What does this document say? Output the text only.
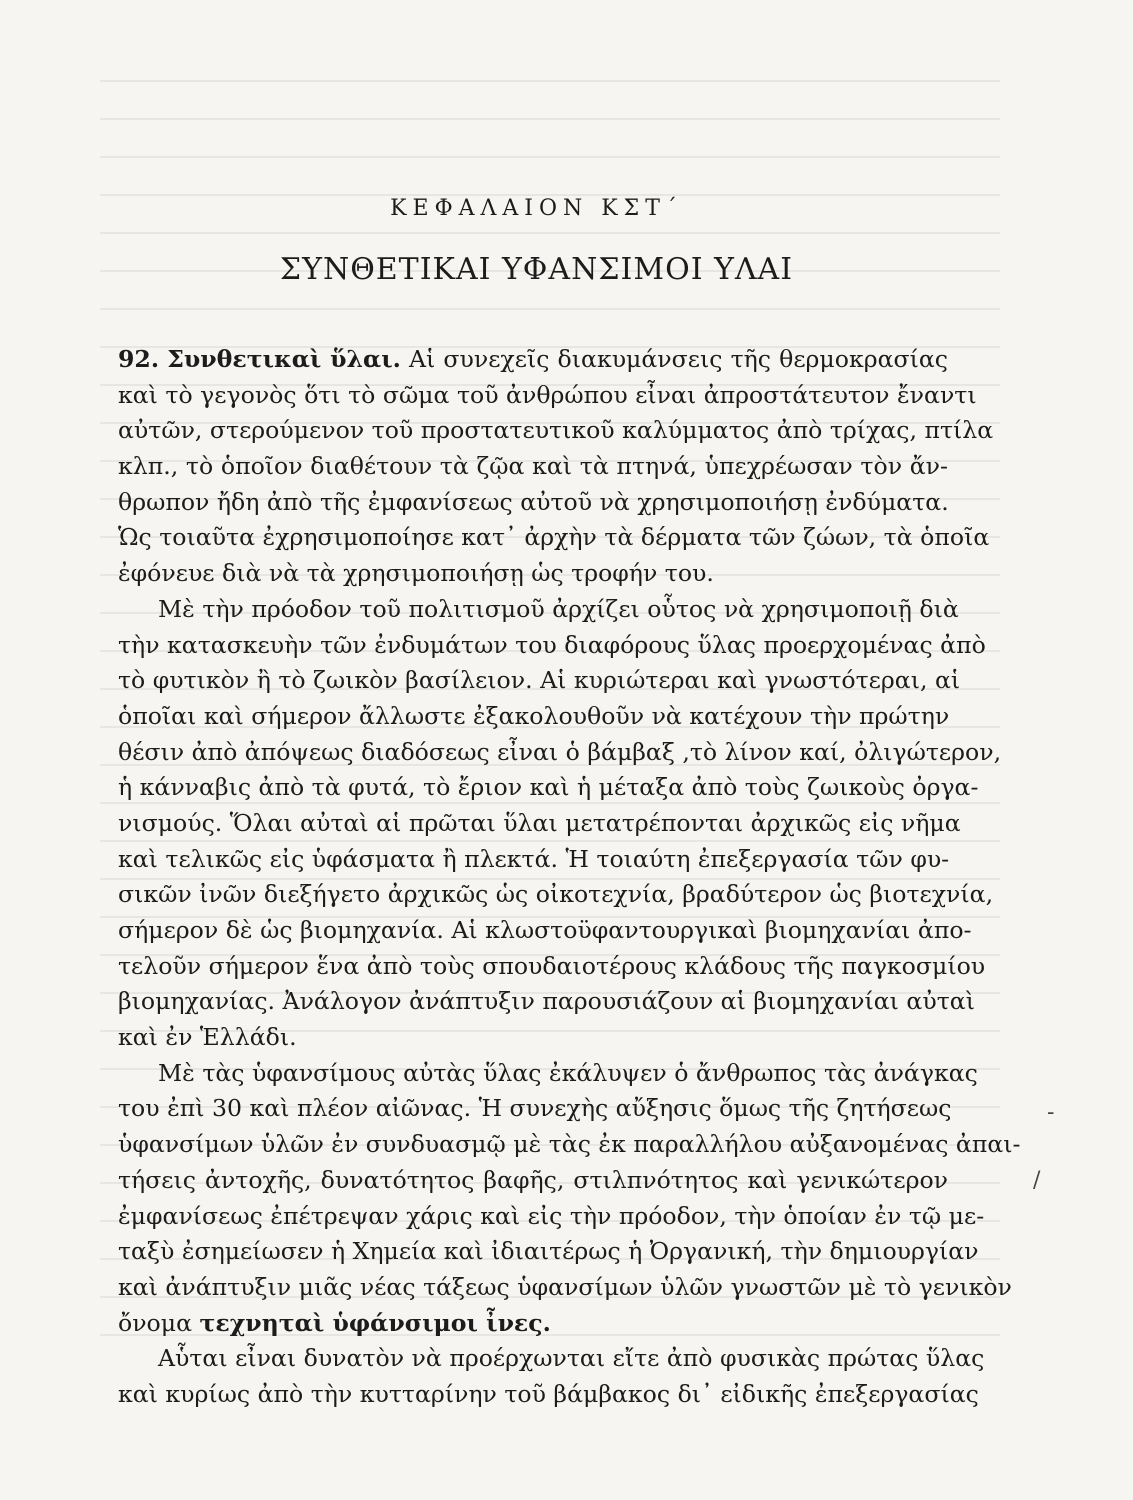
ΚΕΦΑΛΑΙΟΝ ΚΣΤ΄
ΣΥΝΘΕΤΙΚΑΙ ΥΦΑΝΣΙΜΟΙ ΥΛΑΙ
92. Συνθετικαὶ ὕλαι. Αἱ συνεχεῖς διακυμάνσεις τῆς θερμοκρασίας
καὶ τὸ γεγονὸς ὅτι τὸ σῶμα τοῦ ἀνθρώπου εἶναι ἀπροστάτευτον ἔναντι
αὐτῶν, στερούμενον τοῦ προστατευτικοῦ καλύμματος ἀπὸ τρίχας, πτίλα
κλπ., τὸ ὁποῖον διαθέτουν τὰ ζῷα καὶ τὰ πτηνά, ὑπεχρέωσαν τὸν ἄν-
θρωπον ἤδη ἀπὸ τῆς ἐμφανίσεως αὐτοῦ νὰ χρησιμοποιήσῃ ἐνδύματα.
Ὡς τοιαῦτα ἐχρησιμοποίησε κατ᾽ ἀρχὴν τὰ δέρματα τῶν ζώων, τὰ ὁποῖα
ἐφόνευε διὰ νὰ τὰ χρησιμοποιήσῃ ὡς τροφήν του.
Μὲ τὴν πρόοδον τοῦ πολιτισμοῦ ἀρχίζει οὗτος νὰ χρησιμοποιῇ διὰ
τὴν κατασκευὴν τῶν ἐνδυμάτων του διαφόρους ὕλας προερχομένας ἀπὸ
τὸ φυτικὸν ἢ τὸ ζωικὸν βασίλειον. Αἱ κυριώτεραι καὶ γνωστότεραι, αἱ
ὁποῖαι καὶ σήμερον ἄλλωστε ἐξακολουθοῦν νὰ κατέχουν τὴν πρώτην
θέσιν ἀπὸ ἀπόψεως διαδόσεως εἶναι ὁ βάμβαξ ,τὸ λίνον καί, ὀλιγώτερον,
ἡ κάνναβις ἀπὸ τὰ φυτά, τὸ ἔριον καὶ ἡ μέταξα ἀπὸ τοὺς ζωικοὺς ὀργα-
νισμούς. Ὅλαι αὐταὶ αἱ πρῶται ὕλαι μετατρέπονται ἀρχικῶς εἰς νῆμα
καὶ τελικῶς εἰς ὑφάσματα ἢ πλεκτά. Ἡ τοιαύτη ἐπεξεργασία τῶν φυ-
σικῶν ἰνῶν διεξήγετο ἀρχικῶς ὡς οἰκοτεχνία, βραδύτερον ὡς βιοτεχνία,
σήμερον δὲ ὡς βιομηχανία. Αἱ κλωστοϋφαντουργικαὶ βιομηχανίαι ἀπο-
τελοῦν σήμερον ἕνα ἀπὸ τοὺς σπουδαιοτέρους κλάδους τῆς παγκοσμίου
βιομηχανίας. Ἀνάλογον ἀνάπτυξιν παρουσιάζουν αἱ βιομηχανίαι αὐταὶ
καὶ ἐν Ἑλλάδι.
Μὲ τὰς ὑφανσίμους αὐτὰς ὕλας ἐκάλυψεν ὁ ἄνθρωπος τὰς ἀνάγκας
του ἐπὶ 30 καὶ πλέον αἰῶνας. Ἡ συνεχὴς αὔξησις ὅμως τῆς ζητήσεως
ὑφανσίμων ὑλῶν ἐν συνδυασμῷ μὲ τὰς ἐκ παραλλήλου αὐξανομένας ἀπαι-
τήσεις ἀντοχῆς, δυνατότητος βαφῆς, στιλπνότητος καὶ γενικώτερον
ἐμφανίσεως ἐπέτρεψαν χάρις καὶ εἰς τὴν πρόοδον, τὴν ὁποίαν ἐν τῷ με-
ταξὺ ἐσημείωσεν ἡ Χημεία καὶ ἰδιαιτέρως ἡ Ὀργανική, τὴν δημιουργίαν
καὶ ἀνάπτυξιν μιᾶς νέας τάξεως ὑφανσίμων ὑλῶν γνωστῶν μὲ τὸ γενικὸν
ὄνομα τεχνηταὶ ὑφάνσιμοι ἶνες.
Αὗται εἶναι δυνατὸν νὰ προέρχωνται εἴτε ἀπὸ φυσικὰς πρώτας ὕλας
καὶ κυρίως ἀπὸ τὴν κυτταρίνην τοῦ βάμβακος δι᾽ εἰδικῆς ἐπεξεργασίας
‐
/
